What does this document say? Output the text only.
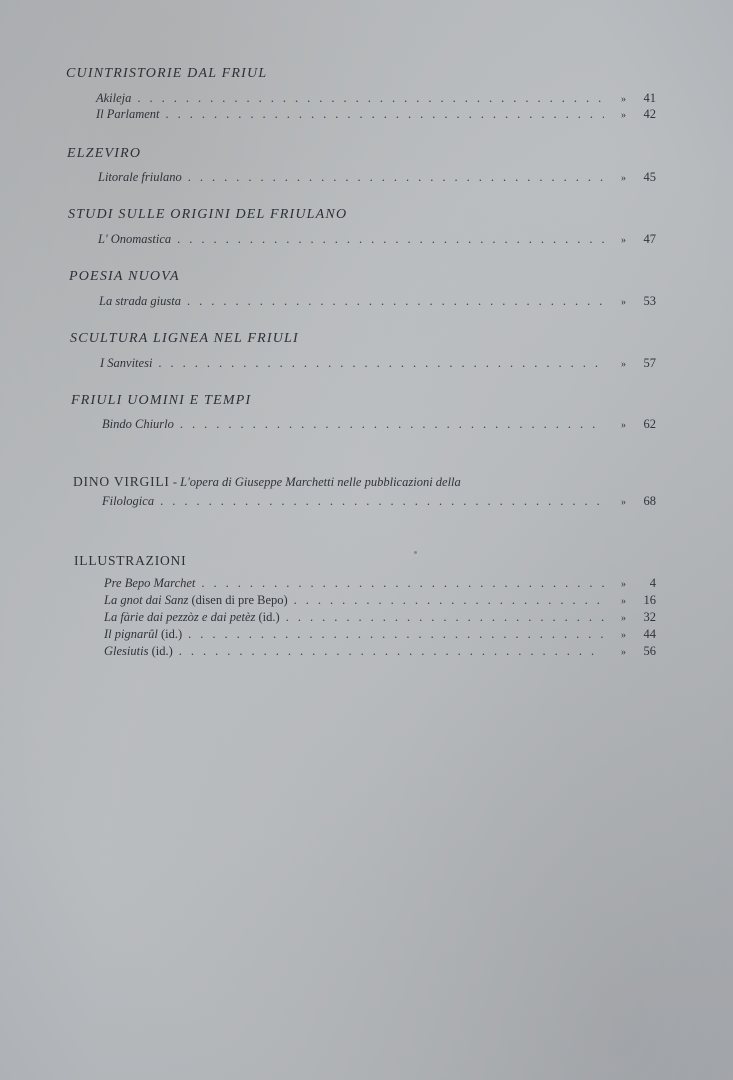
CUINTRISTORIE DAL FRIUL
Akileja .....	»	41
Il Parlament .....	»	42
ELZEVIRO
Litorale friulano .....	»	45
STUDI SULLE ORIGINI DEL FRIULANO
L' Onomastica .....	»	47
POESIA NUOVA
La strada giusta .....	»	53
SCULTURA LIGNEA NEL FRIULI
I Sanvitesi .....	»	57
FRIULI UOMINI E TEMPI
Bindo Chiurlo .....	»	62
DINO VIRGILI - L'opera di Giuseppe Marchetti nelle pubblicazioni della
Filologica .....	»	68
ILLUSTRAZIONI
Pre Bepo Marchet .....	»	4
La gnot dai Sanz (disen di pre Bepo) .....	»	16
La fàrie dai pezzòz e dai petèz (id.) .....	»	32
Il pignarûl (id.) .....	»	44
Glesiutis (id.) .....	»	56
